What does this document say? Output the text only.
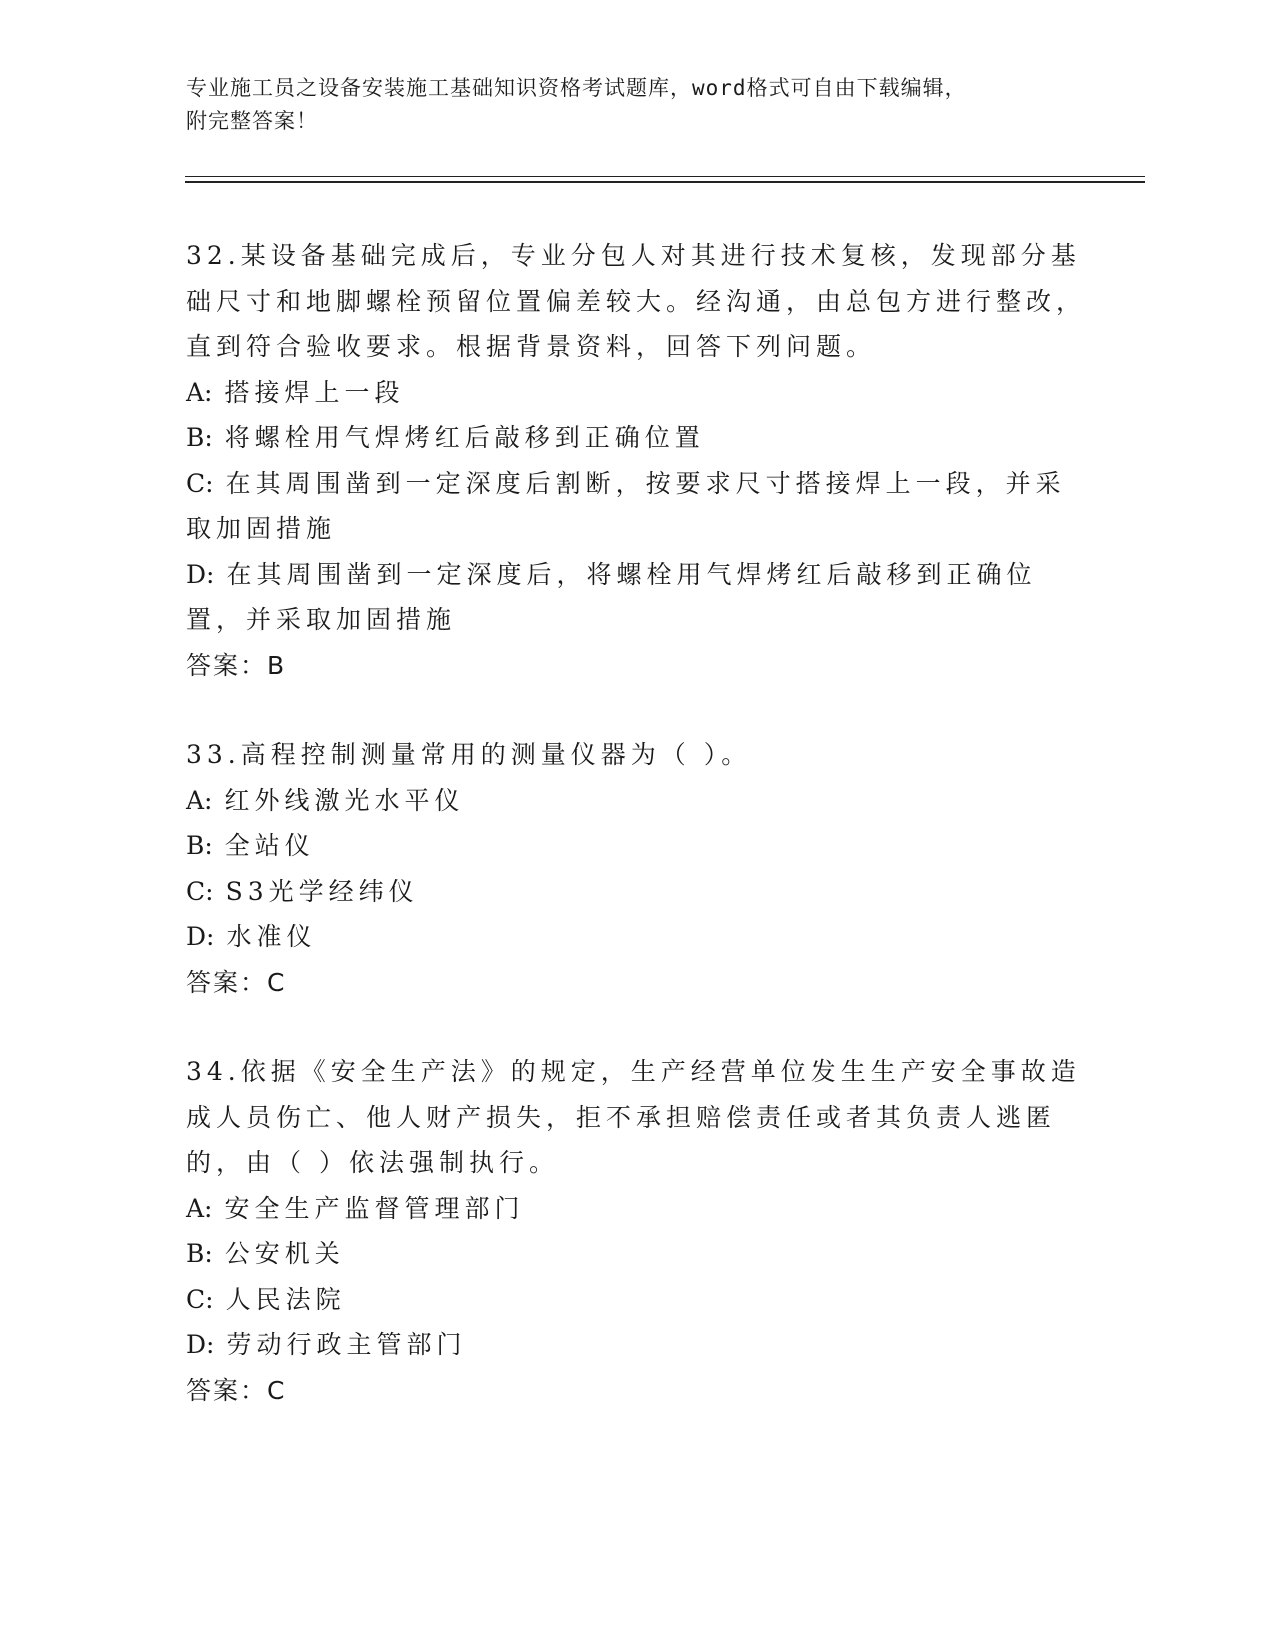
专业施工员之设备安装施工基础知识资格考试题库，word格式可自由下载编辑，
附完整答案！
32.某设备基础完成后，专业分包人对其进行技术复核，发现部分基础尺寸和地脚螺栓预留位置偏差较大。经沟通，由总包方进行整改，直到符合验收要求。根据背景资料，回答下列问题。
A: 搭接焊上一段
B: 将螺栓用气焊烤红后敲移到正确位置
C: 在其周围凿到一定深度后割断，按要求尺寸搭接焊上一段，并采取加固措施
D: 在其周围凿到一定深度后，将螺栓用气焊烤红后敲移到正确位置，并采取加固措施
答案：B
33.高程控制测量常用的测量仪器为（ ）。
A: 红外线激光水平仪
B: 全站仪
C: S3光学经纬仪
D: 水准仪
答案：C
34.依据《安全生产法》的规定，生产经营单位发生生产安全事故造成人员伤亡、他人财产损失，拒不承担赔偿责任或者其负责人逃匿的，由（ ）依法强制执行。
A: 安全生产监督管理部门
B: 公安机关
C: 人民法院
D: 劳动行政主管部门
答案：C
